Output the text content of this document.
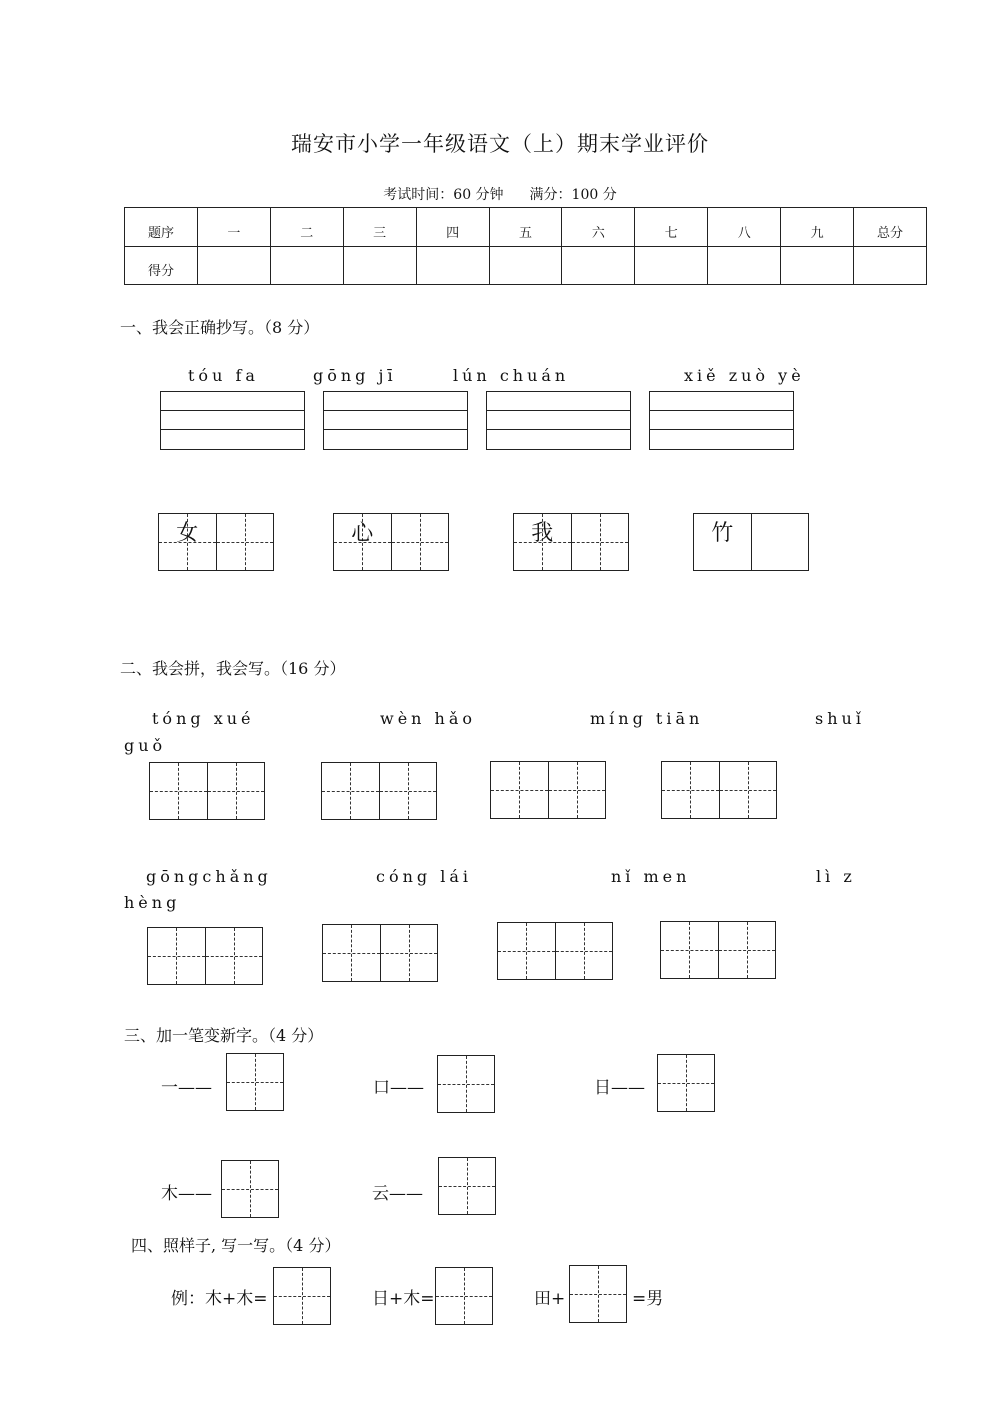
瑞安市小学一年级语文（上）期末学业评价
考试时间：60 分钟 满分：100 分
题序	一	二	三	四	五	六	七	八	九	总分
得分										
一、我会正确抄写。（8 分）
tóu fa	gōng jī	lún chuán	xiě zuò yè
女	心	我	竹
二、我会拼，我会写。（16 分）
tóng xué	wèn hǎo	míng tiān	shuǐ
guǒ
gōngchǎng	cóng lái	nǐ men	lì z
hèng
三、加一笔变新字。（4 分）
一——	口——	日——
木——	云——
四、照样子, 写一写。（4 分）
例：木+木=	日+木=	田+	=男
